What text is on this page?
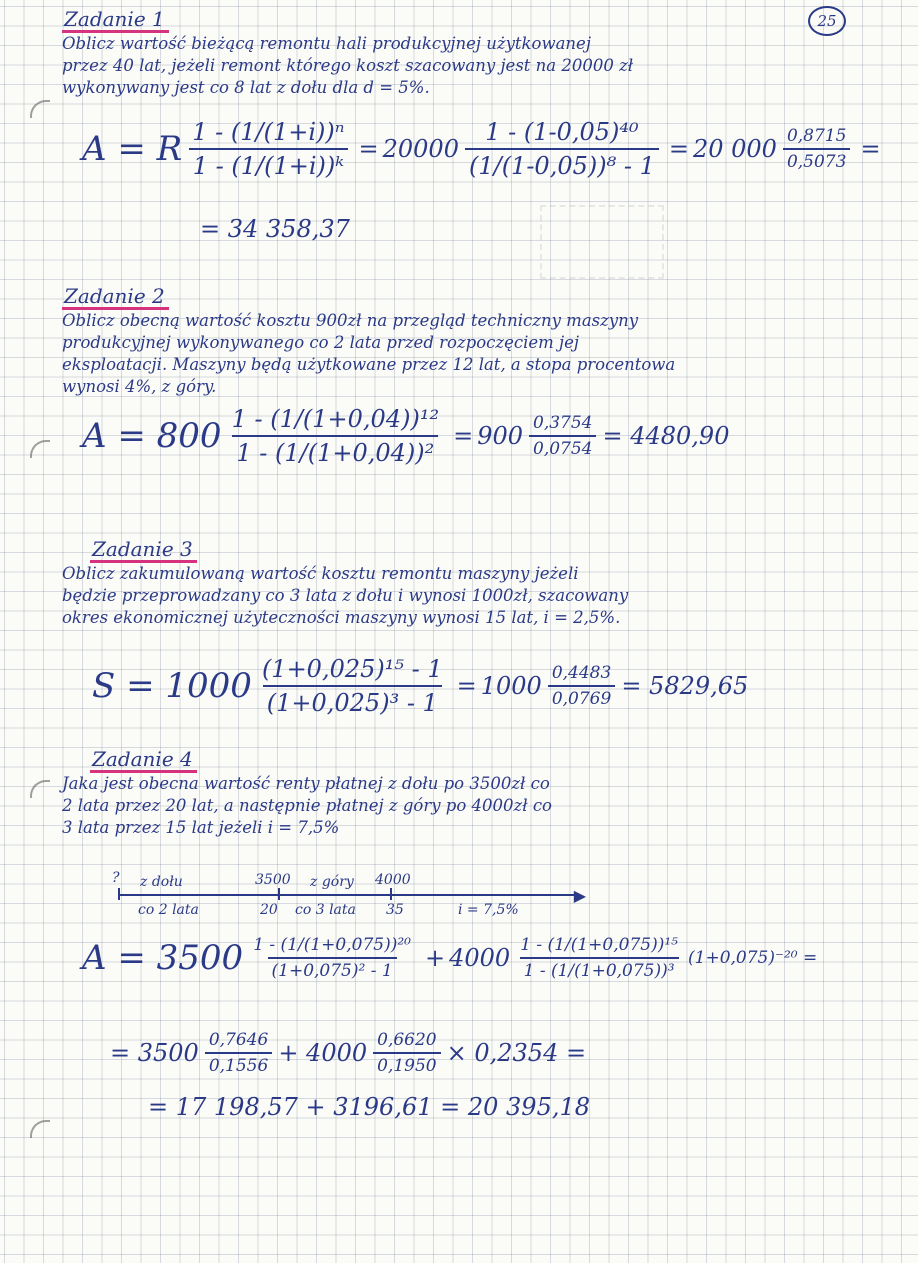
25
Zadanie 1

Oblicz wartość bieżącą remontu hali produkcyjnej użytkowanej
przez 40 lat, jeżeli remont którego koszt szacowany jest na 20000 zł
wykonywany jest co 8 lat z dołu dla d = 5%.

A = R $\frac{\text{1 - (1/(1+i))ⁿ}}{\text{1 - (1/(1+i))ᵏ}} = 20000 \frac{\text{1 - (1-0,05)⁴⁰}}{\text{(1/(1-0,05))⁸ - 1}} = 20$ $000 \frac{0,8715}{0,5073}$ =
= 34 358,37
Zadanie 2

Oblicz obecną wartość kosztu 900zł na przegląd techniczny maszyny
produkcyjnej wykonywanego co 2 lata przed rozpoczęciem jej
eksploatacji. Maszyny będą użytkowane przez 12 lat, a stopa procentowa
wynosi 4%, z góry.

$A = 800 \frac{\text{1 - (1/(1+0,04))¹²}}{\text{1 - (1/(1+0,04))²}} = 900 \frac{0,3754}{0,0754} = 4480,90$
Zadanie 3

Oblicz zakumulowaną wartość kosztu remontu maszyny jeżeli
będzie przeprowadzany co 3 lata z dołu i wynosi 1000zł, szacowany
okres ekonomicznej użyteczności maszyny wynosi 15 lat, i = 2,5%.

$S = 1000 \frac{\text{(1+0,025)¹⁵ - 1}}{\text{(1+0,025)³ - 1}} = 1000 \frac{0,4483}{0,0769} = 5829,65$
Zadanie 4

Jaka jest obecna wartość renty płatnej z dołu po 3500zł co
2 lata przez 20 lat, a następnie płatnej z góry po 4000zł co
3 lata przez 15 lat jeżeli i = 7,5%

▶
? z dołu
co 2 lata
3500
20
z góry
co 3 lata
4000
35	i = 7,5%
$A = 3500 \frac{\text{1 - (1/(1+0,075))²⁰}}{\text{(1+0,075)² - 1}} + 4000 \frac{\text{1 - (1/(1+0,075))¹⁵}}{\text{1 - (1/(1+0,075))³}} (1+0,075)^{-20}$ =
= $3500 \frac{0,7646}{0,1556} + 4000 \frac{0,6620}{0,1950} \times 0,2354$ =
= 17 198,57 + 3196,61 = 20 395,18
